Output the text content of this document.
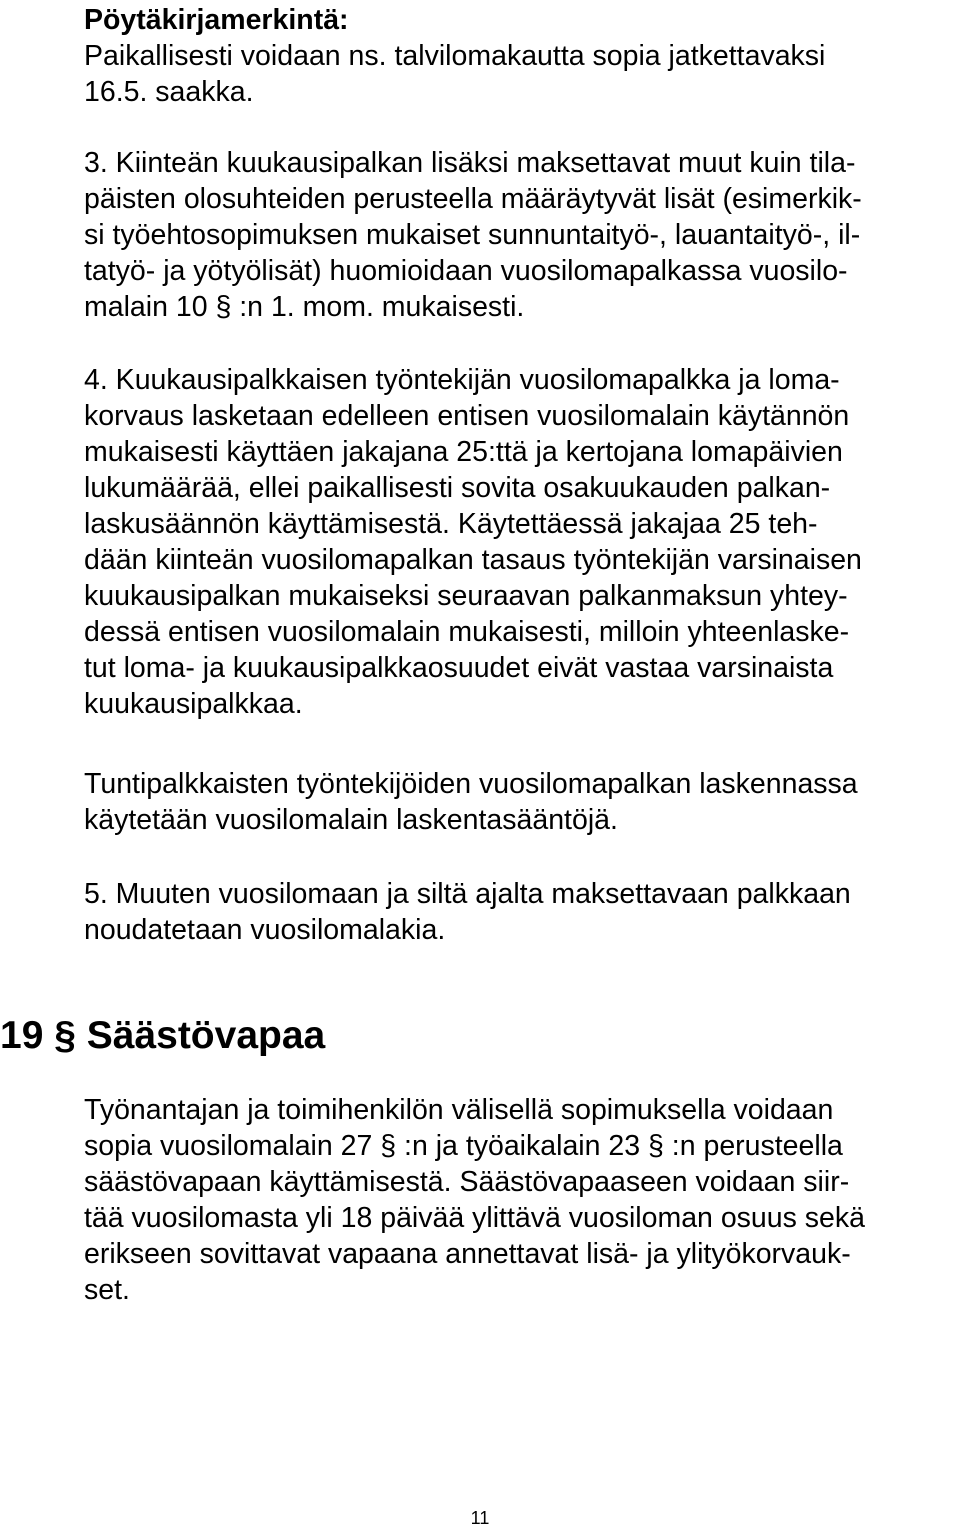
Pöytäkirjamerkintä:
Paikallisesti voidaan ns. talvilomakautta sopia jatkettavaksi
16.5. saakka.
3. Kiinteän kuukausipalkan lisäksi maksettavat muut kuin tila-
päisten olosuhteiden perusteella määräytyvät lisät (esimerkik-
si työehtosopimuksen mukaiset sunnuntaityö-, lauantaityö-, il-
tatyö- ja yötyölisät) huomioidaan vuosilomapalkassa vuosilo-
malain 10 § :n 1. mom. mukaisesti.
4. Kuukausipalkkaisen työntekijän vuosilomapalkka ja loma-
korvaus lasketaan edelleen entisen vuosilomalain käytännön
mukaisesti käyttäen jakajana 25:ttä ja kertojana lomapäivien
lukumäärää, ellei paikallisesti sovita osakuukauden palkan-
laskusäännön käyttämisestä. Käytettäessä jakajaa 25 teh-
dään kiinteän vuosilomapalkan tasaus työntekijän varsinaisen
kuukausipalkan mukaiseksi seuraavan palkanmaksun yhtey-
dessä entisen vuosilomalain mukaisesti, milloin yhteenlaske-
tut loma- ja kuukausipalkkaosuudet eivät vastaa varsinaista
kuukausipalkkaa.
Tuntipalkkaisten työntekijöiden vuosilomapalkan laskennassa
käytetään vuosilomalain laskentasääntöjä.
5. Muuten vuosilomaan ja siltä ajalta maksettavaan palkkaan
noudatetaan vuosilomalakia.
19 § Säästövapaa
Työnantajan ja toimihenkilön välisellä sopimuksella voidaan
sopia vuosilomalain 27 § :n ja työaikalain 23 § :n perusteella
säästövapaan käyttämisestä. Säästövapaaseen voidaan siir-
tää vuosilomasta yli 18 päivää ylittävä vuosiloman osuus sekä
erikseen sovittavat vapaana annettavat lisä- ja ylityökorvauk-
set.
11
